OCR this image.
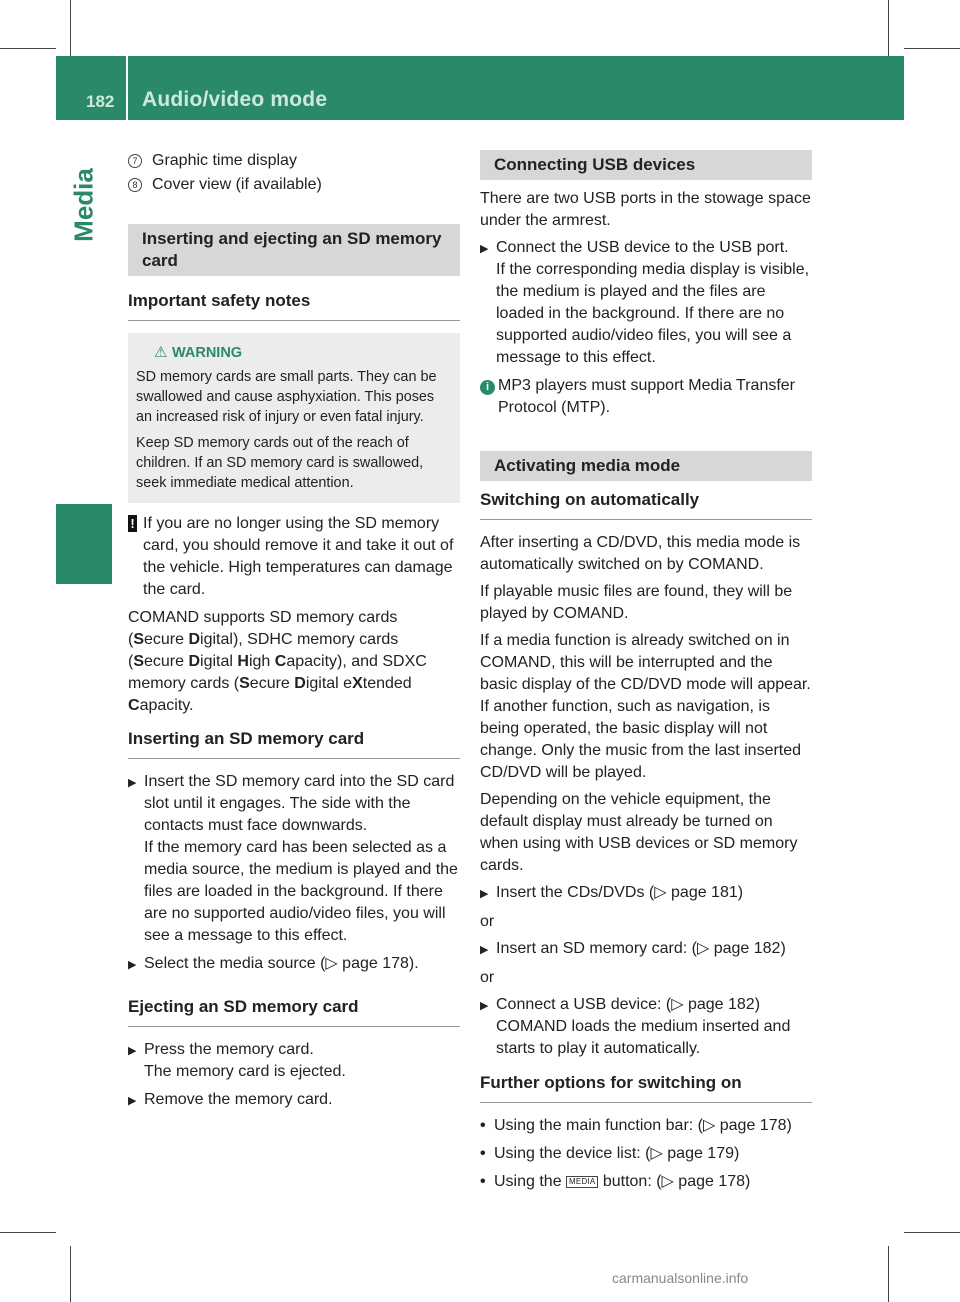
182	Audio/video mode
Media
7 Graphic time display
8 Cover view (if available)
Inserting and ejecting an SD memory card
Important safety notes
⚠ WARNING

SD memory cards are small parts. They can be swallowed and cause asphyxiation. This poses an increased risk of injury or even fatal injury.

Keep SD memory cards out of the reach of children. If an SD memory card is swallowed, seek immediate medical attention.

! If you are no longer using the SD memory card, you should remove it and take it out of the vehicle. High temperatures can damage the card.

COMAND supports SD memory cards
(Secure Digital), SDHC memory cards
(Secure Digital High Capacity), and SDXC
memory cards (Secure Digital eXtended
Capacity.

Inserting an SD memory card
▶ Insert the SD memory card into the SD card slot until it engages. The side with the contacts must face downwards.
If the memory card has been selected as a media source, the medium is played and the files are loaded in the background. If there are no supported audio/video files, you will see a message to this effect.
▶ Select the media source (▷ page 178).
Ejecting an SD memory card
▶ Press the memory card.
The memory card is ejected.
▶ Remove the memory card.
Connecting USB devices

There are two USB ports in the stowage space under the armrest.

▶ Connect the USB device to the USB port.
If the corresponding media display is visible, the medium is played and the files are loaded in the background. If there are no supported audio/video files, you will see a message to this effect.
i MP3 players must support Media Transfer Protocol (MTP).
Activating media mode
Switching on automatically

After inserting a CD/DVD, this media mode is automatically switched on by COMAND.

If playable music files are found, they will be played by COMAND.

If a media function is already switched on in COMAND, this will be interrupted and the basic display of the CD/DVD mode will appear. If another function, such as navigation, is being operated, the basic display will not change. Only the music from the last inserted CD/DVD will be played.

Depending on the vehicle equipment, the default display must already be turned on when using with USB devices or SD memory cards.

▶ Insert the CDs/DVDs (▷ page 181)

or

▶ Insert an SD memory card: (▷ page 182)

or

▶ Connect a USB device: (▷ page 182)
COMAND loads the medium inserted and starts to play it automatically.
Further options for switching on
• Using the main function bar: (▷ page 178)
• Using the device list: (▷ page 179)
• Using the MEDIA button: (▷ page 178)
carmanualsonline.info
